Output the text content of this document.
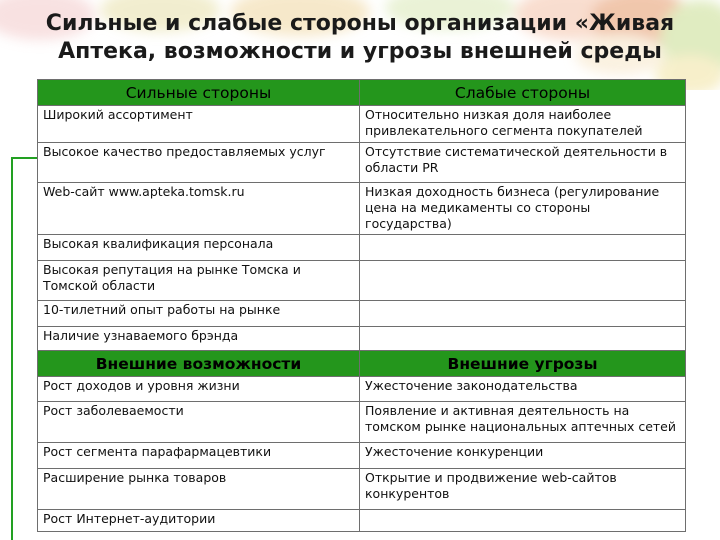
Сильные и слабые стороны организации «Живая
Аптека, возможности и угрозы внешней среды
Сильные стороны	Слабые стороны
Широкий ассортимент	Относительно низкая доля наиболее привлекательного сегмента покупателей
Высокое качество предоставляемых услуг	Отсутствие систематической деятельности в области PR
Web-сайт www.apteka.tomsk.ru	Низкая доходность бизнеса (регулирование цена на медикаменты со стороны государства)
Высокая квалификация персонала	
Высокая репутация на рынке Томска и Томской области	
10-тилетний опыт работы на рынке	
Наличие узнаваемого брэнда	
Внешние возможности	Внешние угрозы
Рост доходов и уровня жизни	Ужесточение законодательства
Рост заболеваемости	Появление и активная деятельность на томском рынке национальных аптечных сетей
Рост сегмента парафармацевтики	Ужесточение конкуренции
Расширение рынка товаров	Открытие и продвижение web-сайтов конкурентов
Рост Интернет-аудитории	
